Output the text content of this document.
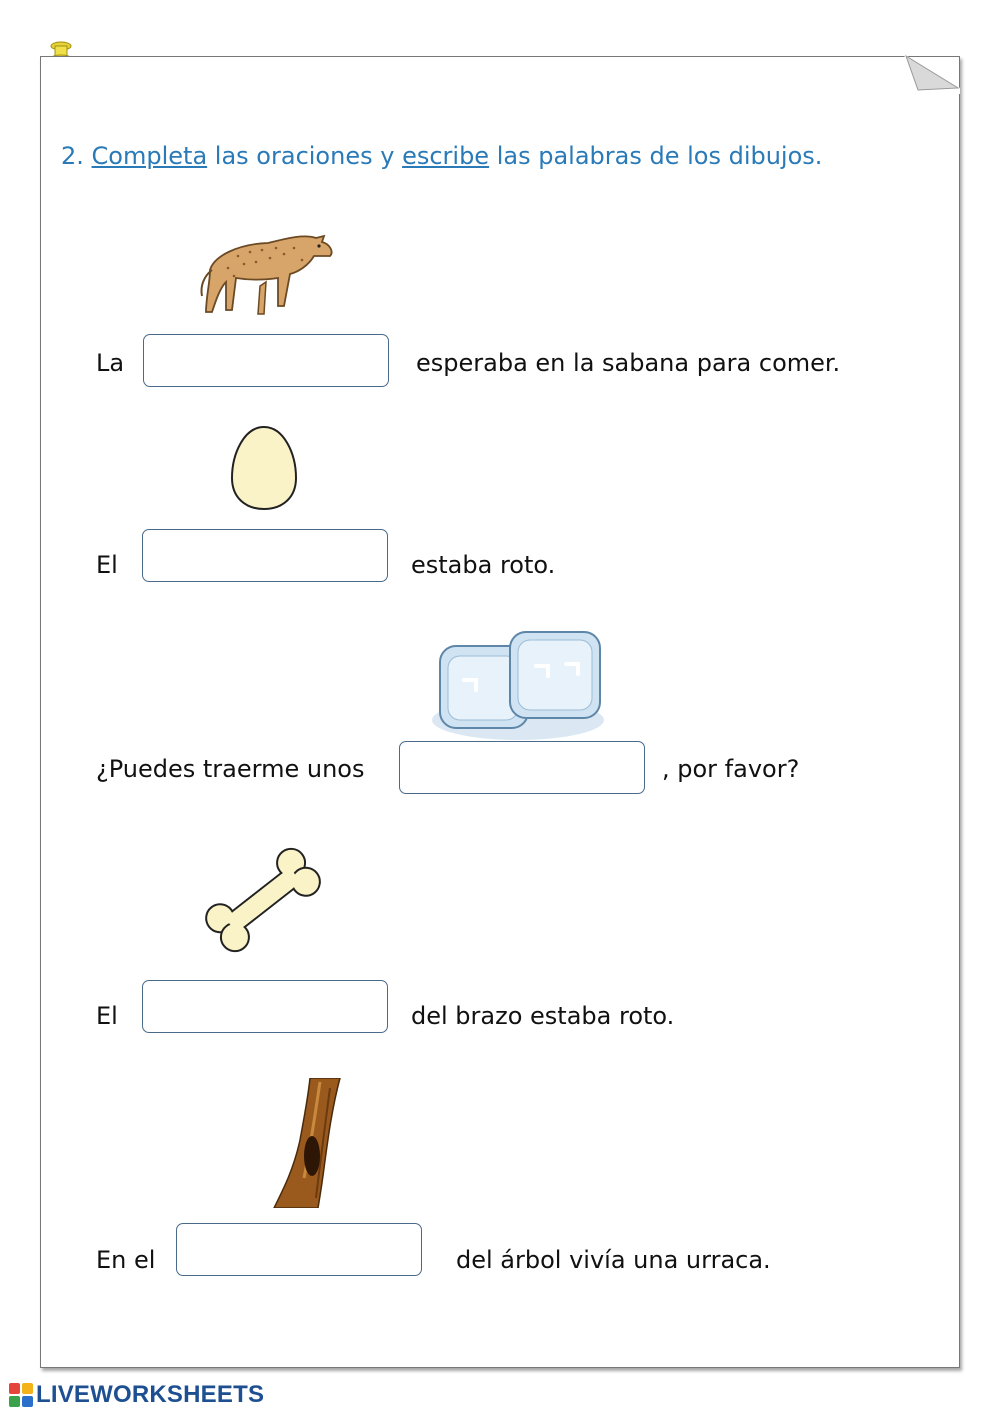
2. Completa las oraciones y escribe las palabras de los dibujos.
La	esperaba en la sabana para comer.
El	estaba roto.
¿Puedes traerme unos	, por favor?
El	del brazo estaba roto.
En el	del árbol vivía una urraca.
LIVEWORKSHEETS
